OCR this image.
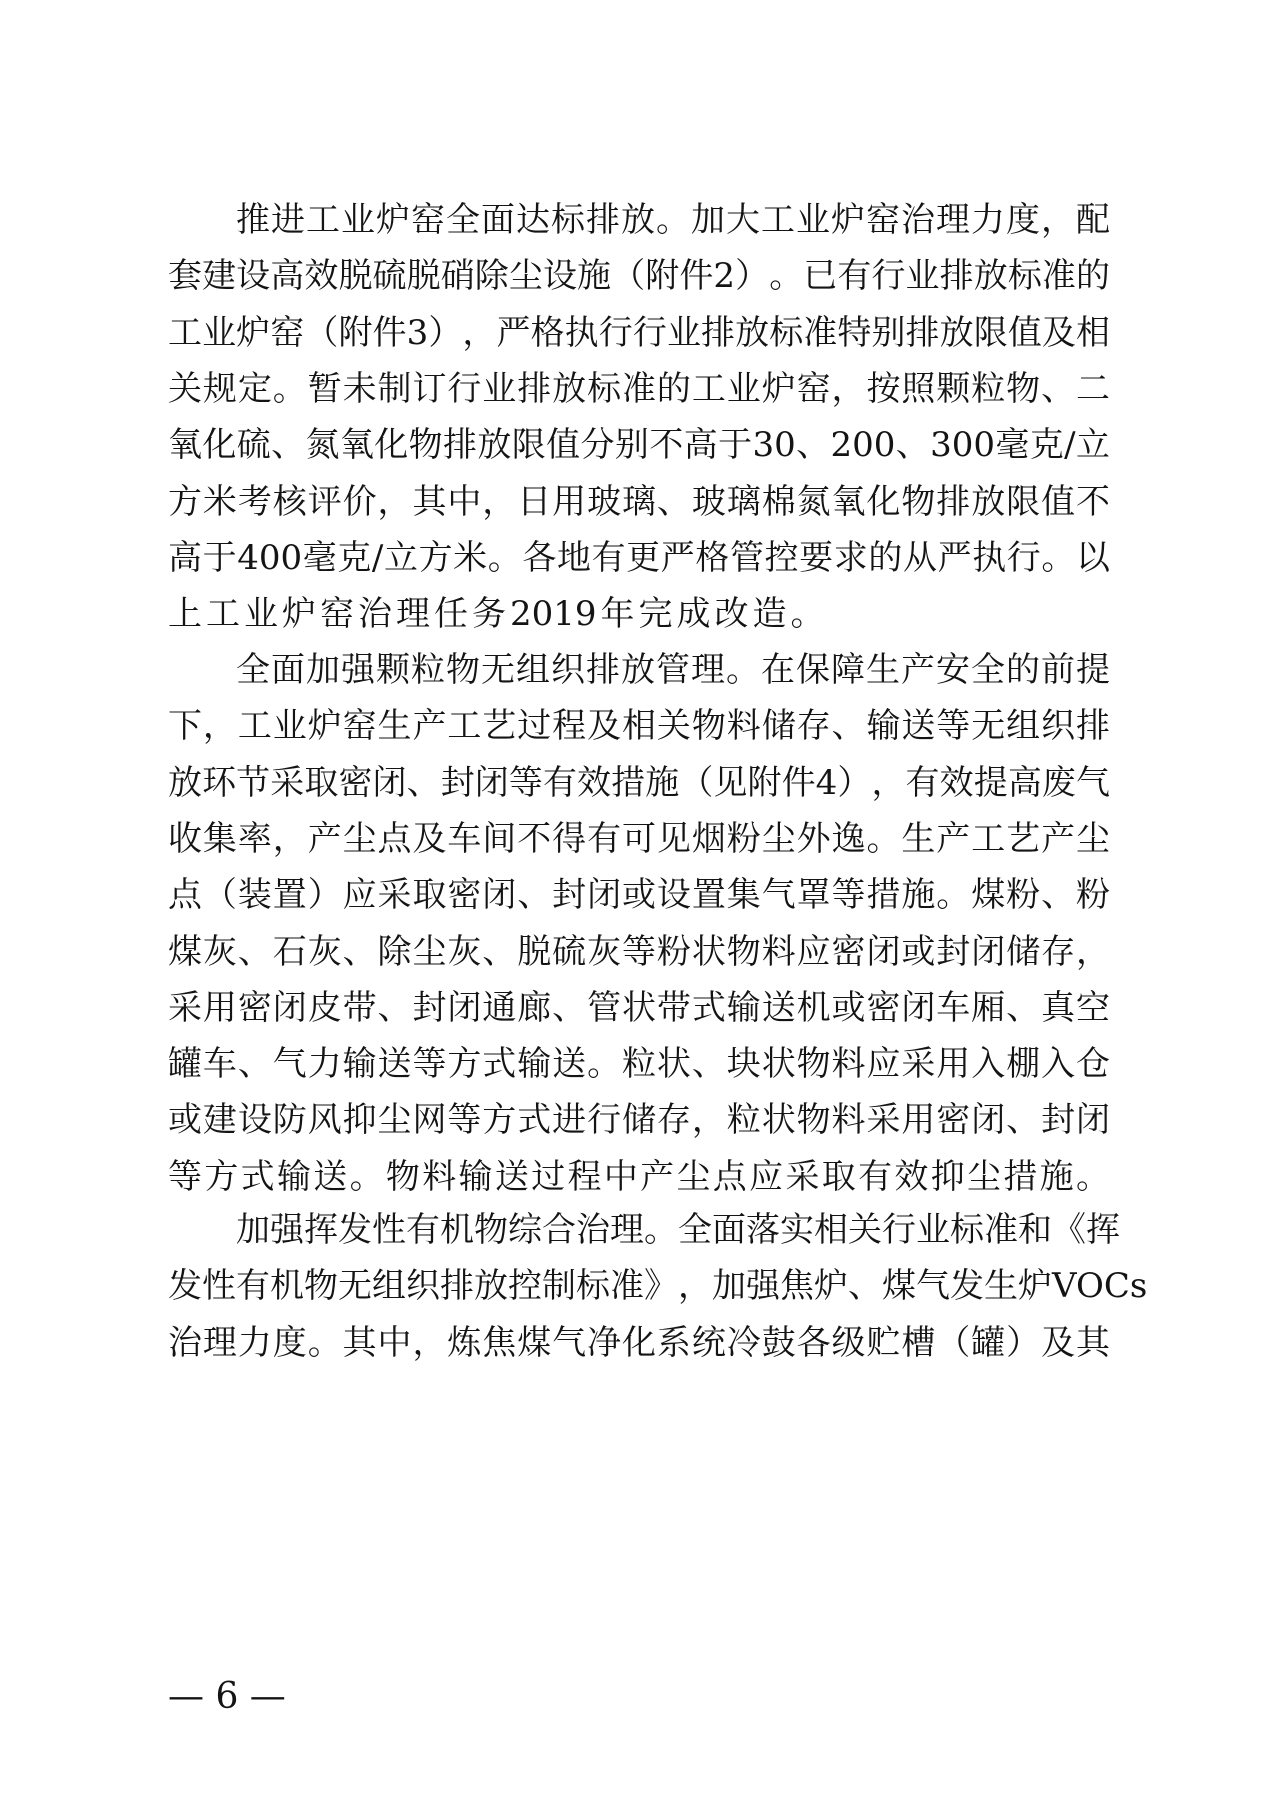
推 进 工 业 炉 窑 全 面 达 标 排 放 。 加 大 工 业 炉 窑 治 理 力 度 ， 配
套 建 设 高 效 脱 硫 脱 硝 除 尘 设 施 （ 附 件 2 ） 。 已 有 行 业 排 放 标 准 的
工 业 炉 窑 （ 附 件 3 ） ， 严 格 执 行 行 业 排 放 标 准 特 别 排 放 限 值 及 相
关 规 定 。 暂 未 制 订 行 业 排 放 标 准 的 工 业 炉 窑 ， 按 照 颗 粒 物 、 二
氧 化 硫 、 氮 氧 化 物 排 放 限 值 分 别 不 高 于 30 、 200 、 300 毫 克 / 立
方 米 考 核 评 价 ， 其 中 ， 日 用 玻 璃 、 玻 璃 棉 氮 氧 化 物 排 放 限 值 不
高 于 400 毫 克 / 立 方 米 。 各 地 有 更 严 格 管 控 要 求 的 从 严 执 行 。 以
上 工 业 炉 窑 治 理 任 务 2019 年 完 成 改 造 。
全 面 加 强 颗 粒 物 无 组 织 排 放 管 理 。 在 保 障 生 产 安 全 的 前 提
下 ， 工 业 炉 窑 生 产 工 艺 过 程 及 相 关 物 料 储 存 、 输 送 等 无 组 织 排
放 环 节 采 取 密 闭 、 封 闭 等 有 效 措 施 （ 见 附 件 4 ） ， 有 效 提 高 废 气
收 集 率 ， 产 尘 点 及 车 间 不 得 有 可 见 烟 粉 尘 外 逸 。 生 产 工 艺 产 尘
点 （ 装 置 ） 应 采 取 密 闭 、 封 闭 或 设 置 集 气 罩 等 措 施 。 煤 粉 、 粉
煤 灰 、 石 灰 、 除 尘 灰 、 脱 硫 灰 等 粉 状 物 料 应 密 闭 或 封 闭 储 存 ，
采 用 密 闭 皮 带 、 封 闭 通 廊 、 管 状 带 式 输 送 机 或 密 闭 车 厢 、 真 空
罐 车 、 气 力 输 送 等 方 式 输 送 。 粒 状 、 块 状 物 料 应 采 用 入 棚 入 仓
或 建 设 防 风 抑 尘 网 等 方 式 进 行 储 存 ， 粒 状 物 料 采 用 密 闭 、 封 闭
等 方 式 输 送 。 物 料 输 送 过 程 中 产 尘 点 应 采 取 有 效 抑 尘 措 施 。
加 强 挥 发 性 有 机 物 综 合 治 理 。 全 面 落 实 相 关 行 业 标 准 和 《 挥
发 性 有 机 物 无 组 织 排 放 控 制 标 准 》 ， 加 强 焦 炉 、 煤 气 发 生 炉 VOCs
治 理 力 度 。 其 中 ， 炼 焦 煤 气 净 化 系 统 冷 鼓 各 级 贮 槽 （ 罐 ） 及 其
— 6 —
